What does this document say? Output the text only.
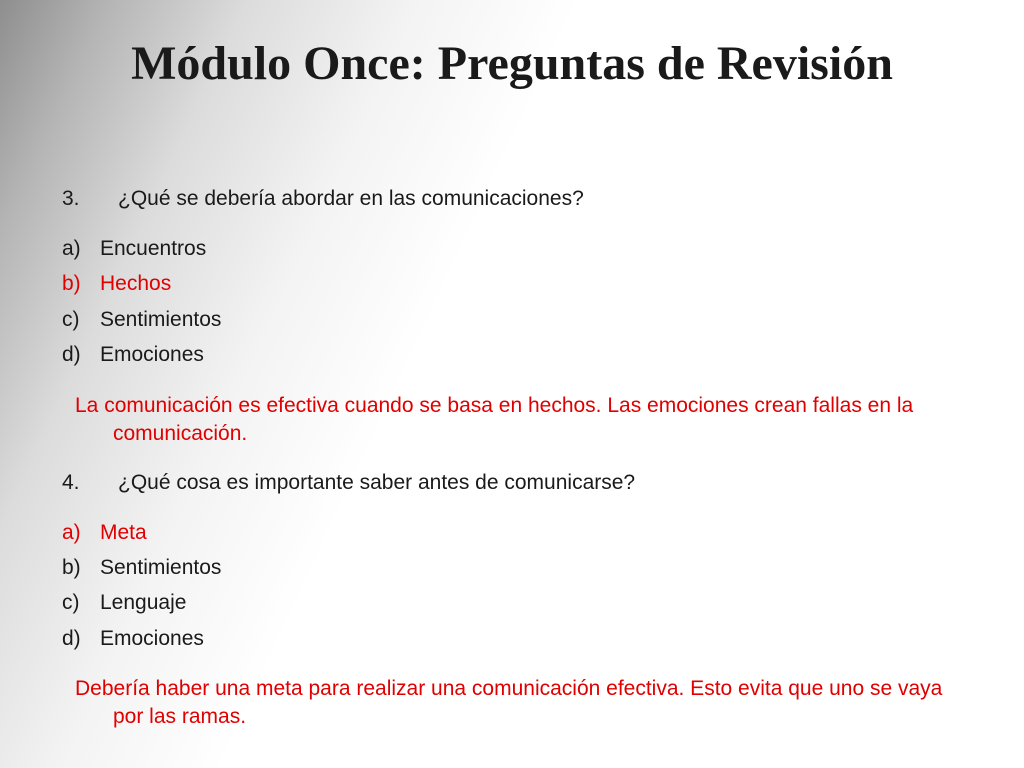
Módulo Once: Preguntas de Revisión
3. ¿Qué se debería abordar en las comunicaciones?
a) Encuentros
b) Hechos
c) Sentimientos
d) Emociones
La comunicación es efectiva cuando se basa en hechos. Las emociones crean fallas en la comunicación.
4. ¿Qué cosa es importante saber antes de comunicarse?
a) Meta
b) Sentimientos
c) Lenguaje
d) Emociones
Debería haber una meta para realizar una comunicación efectiva. Esto evita que uno se vaya por las ramas.
